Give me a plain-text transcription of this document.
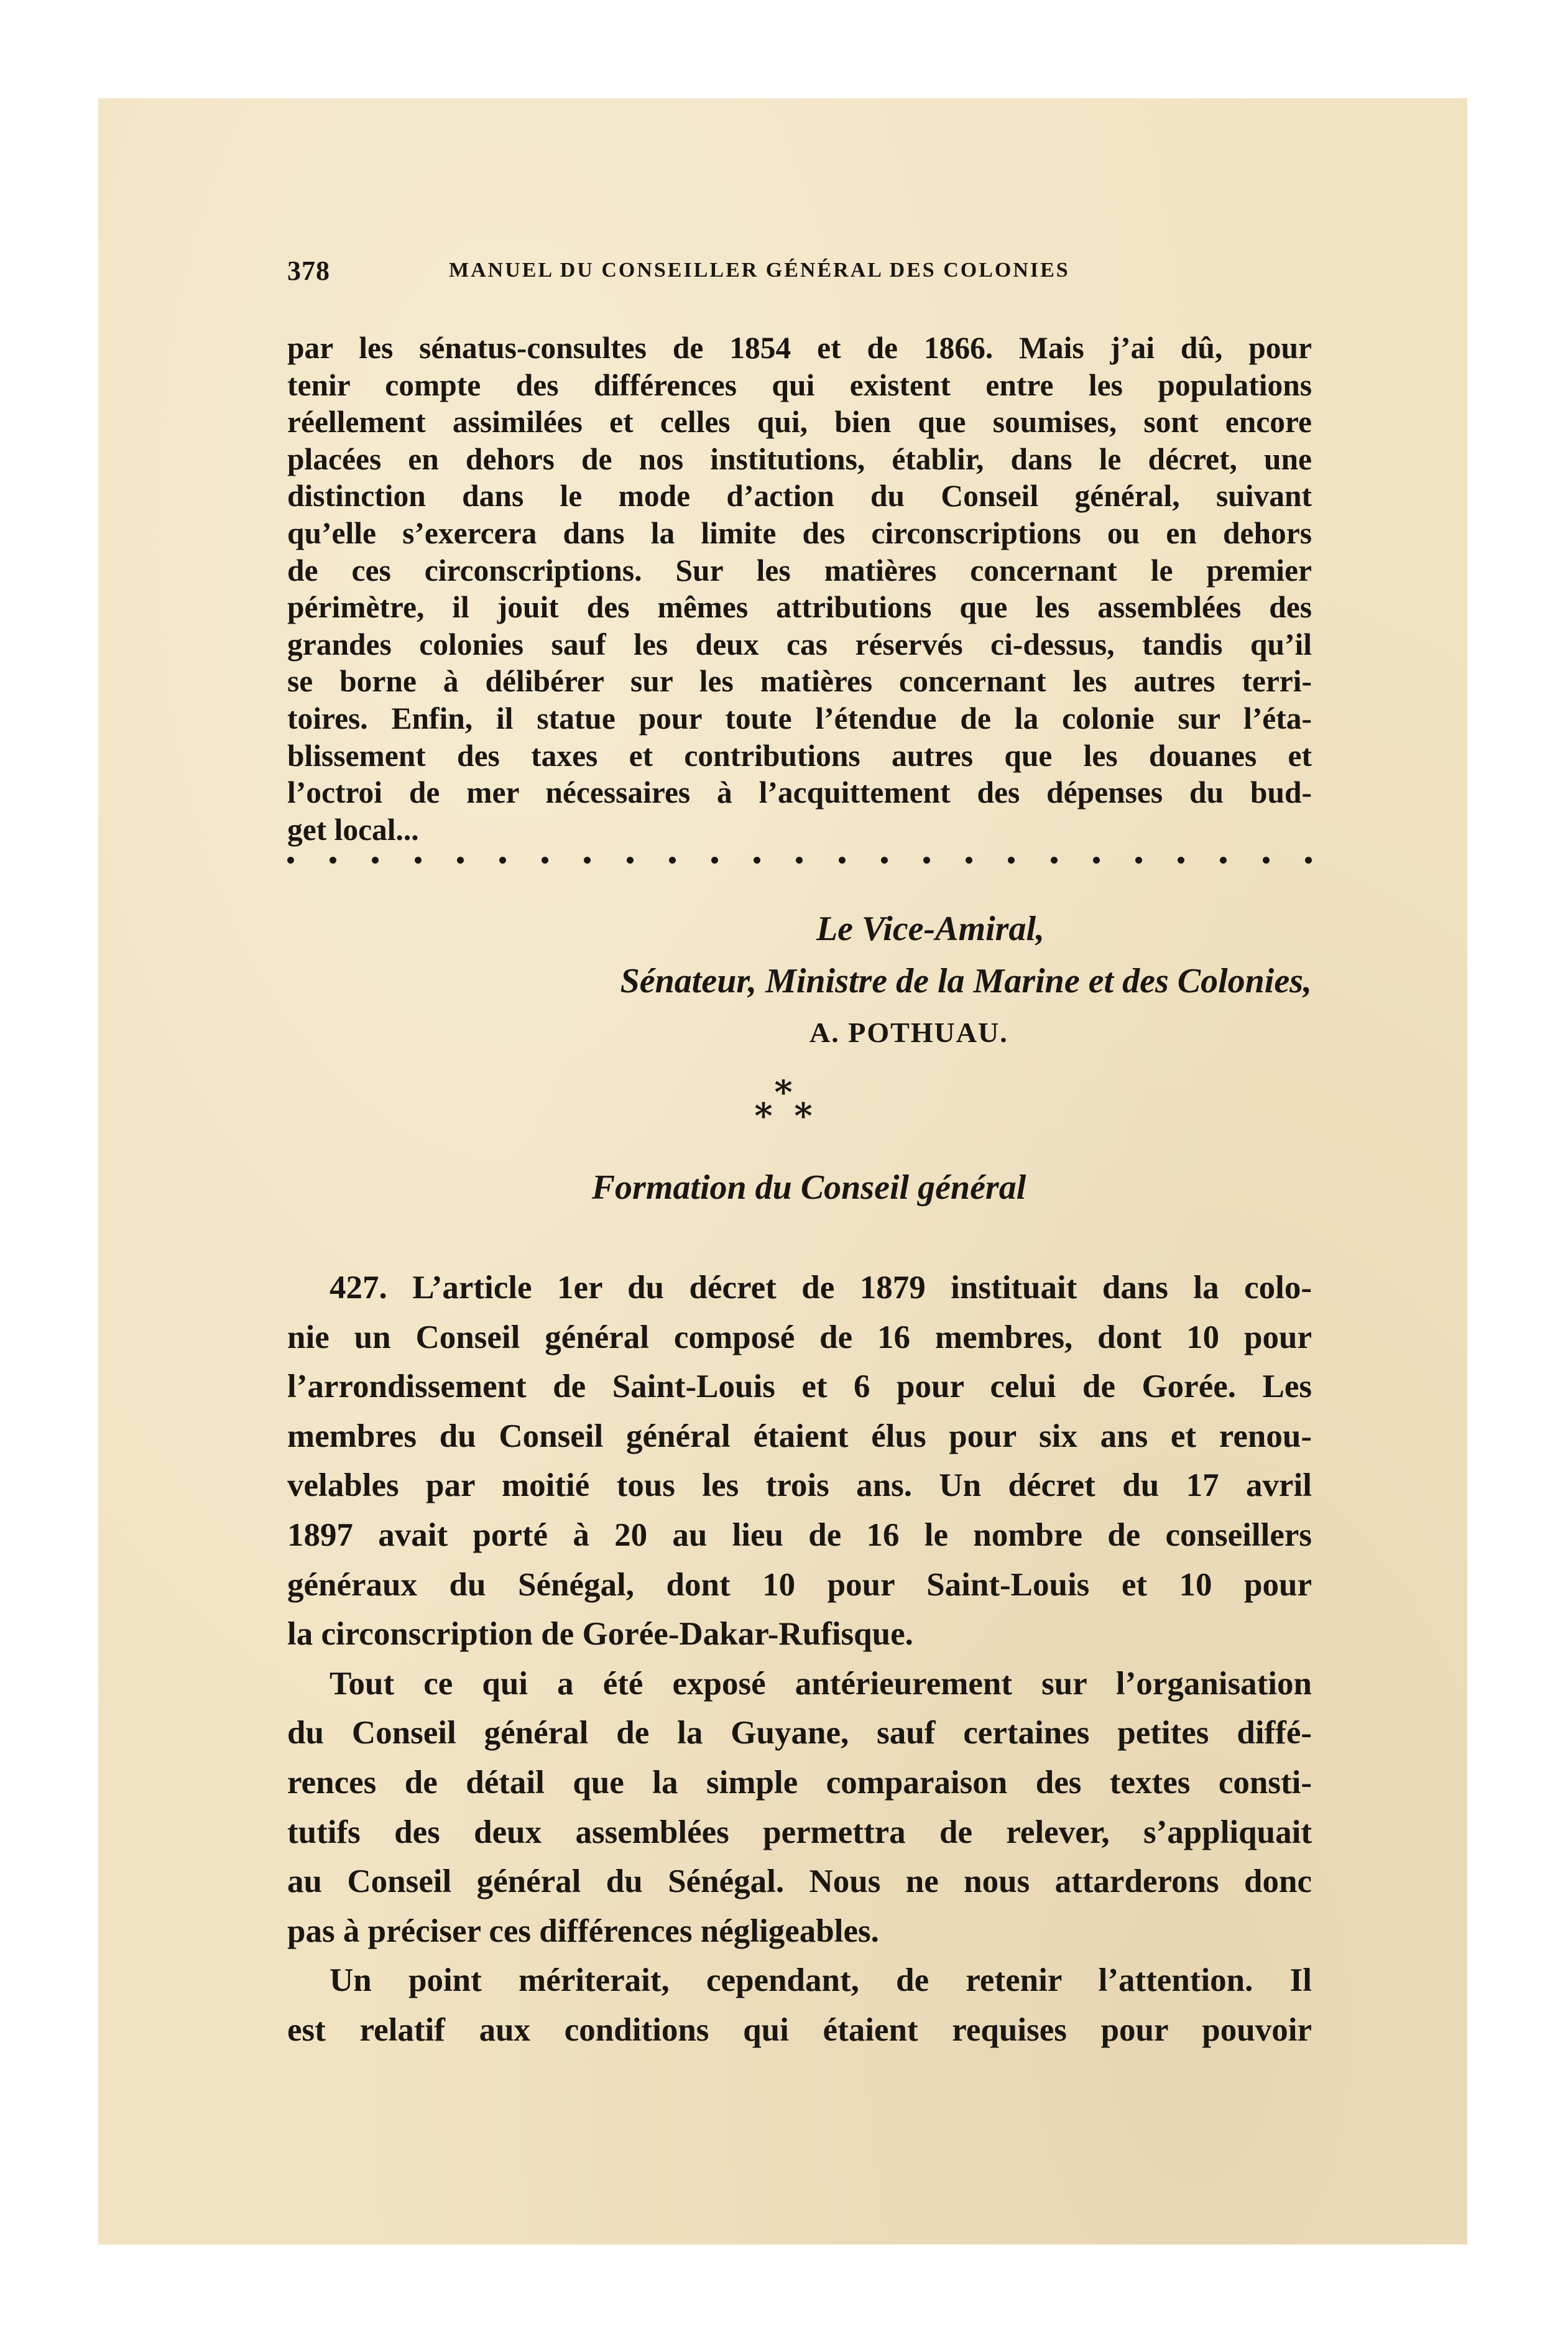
378	MANUEL DU CONSEILLER GÉNÉRAL DES COLONIES
par les sénatus-consultes de 1854 et de 1866. Mais j’ai dû, pour
tenir compte des différences qui existent entre les populations
réellement assimilées et celles qui, bien que soumises, sont encore
placées en dehors de nos institutions, établir, dans le décret, une
distinction dans le mode d’action du Conseil général, suivant
qu’elle s’exercera dans la limite des circonscriptions ou en dehors
de ces circonscriptions. Sur les matières concernant le premier
périmètre, il jouit des mêmes attributions que les assemblées des
grandes colonies sauf les deux cas réservés ci-dessus, tandis qu’il
se borne à délibérer sur les matières concernant les autres terri-
toires. Enfin, il statue pour toute l’étendue de la colonie sur l’éta-
blissement des taxes et contributions autres que les douanes et
l’octroi de mer nécessaires à l’acquittement des dépenses du bud-
get local...
Le Vice-Amiral,
Sénateur, Ministre de la Marine et des Colonies,
A. POTHUAU.
*
* *
Formation du Conseil général
427. L’article 1er du décret de 1879 instituait dans la colo-
nie un Conseil général composé de 16 membres, dont 10 pour
l’arrondissement de Saint-Louis et 6 pour celui de Gorée. Les
membres du Conseil général étaient élus pour six ans et renou-
velables par moitié tous les trois ans. Un décret du 17 avril
1897 avait porté à 20 au lieu de 16 le nombre de conseillers
généraux du Sénégal, dont 10 pour Saint-Louis et 10 pour
la circonscription de Gorée-Dakar-Rufisque.
Tout ce qui a été exposé antérieurement sur l’organisation
du Conseil général de la Guyane, sauf certaines petites diffé-
rences de détail que la simple comparaison des textes consti-
tutifs des deux assemblées permettra de relever, s’appliquait
au Conseil général du Sénégal. Nous ne nous attarderons donc
pas à préciser ces différences négligeables.
Un point mériterait, cependant, de retenir l’attention. Il
est relatif aux conditions qui étaient requises pour pouvoir
